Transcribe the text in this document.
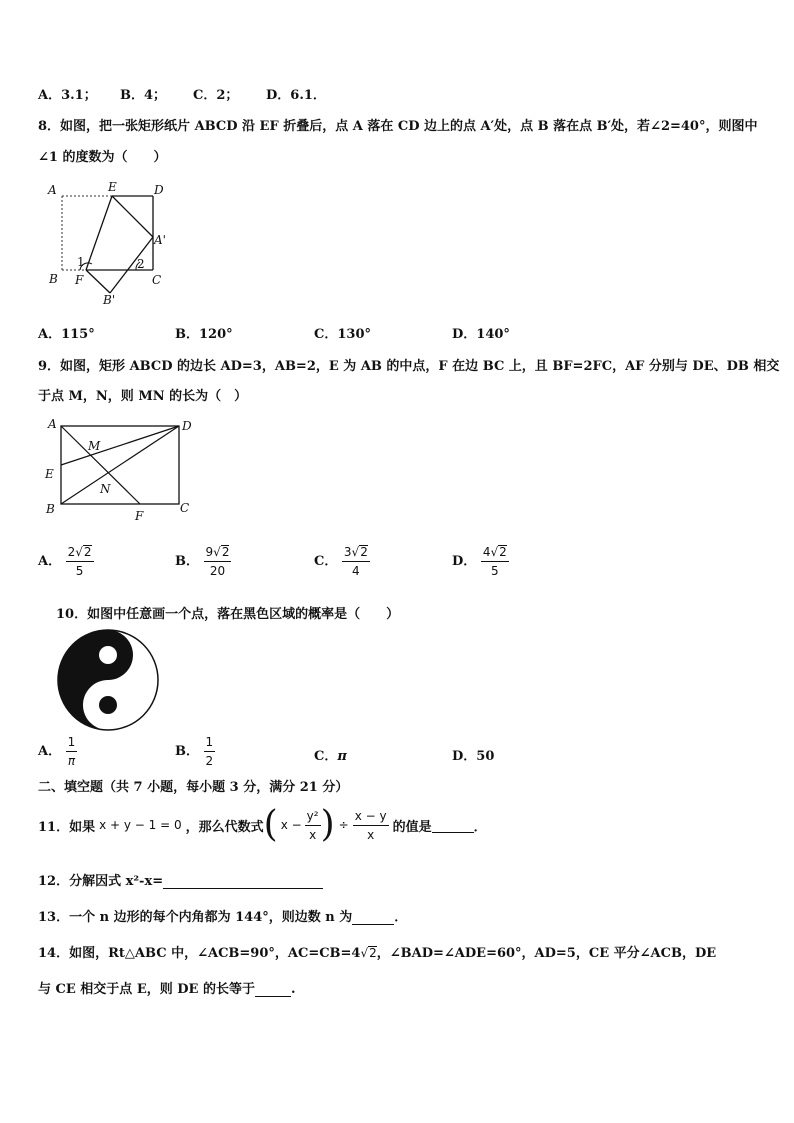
A．3.1； B．4； C．2； D．6.1．
8．如图，把一张矩形纸片 ABCD 沿 EF 折叠后，点 A 落在 CD 边上的点 A′处，点 B 落在点 B′处，若∠2=40°，则图中
∠1 的度数为（　　）
A	E	D
A'
B F	C
B'
1	2
A．115°	B．120°	C．130°	D．140°
9．如图，矩形 ABCD 的边长 AD=3，AB=2，E 为 AB 的中点，F 在边 BC 上，且 BF=2FC，AF 分别与 DE、DB 相交
于点 M，N，则 MN 的长为（　）
A	D
M
E
N
B	F
C
A． $\frac{2√2}{5}$	B． $\frac{9√2}{20}$	C． $\frac{3√2}{4}$	D． $\frac{4√2}{5}$
10．如图中任意画一个点，落在黑色区域的概率是（　　）
A． $\frac{1}{\pi}$	B． $\frac{1}{2}$	C．π	D．50
二、填空题（共 7 小题，每小题 3 分，满分 21 分）
11．如果 x + y − 1 = 0 ，那么代数式 ( $x - \frac{\text{y²}}{x}$ ) ÷ $\frac{x - y}{x}$ 的值是	．
12．分解因式 x²-x=
13．一个 n 边形的每个内角都为 144°，则边数 n 为	．
14．如图，Rt△ABC 中，∠ACB=90°，AC=CB=4√2，∠BAD=∠ADE=60°，AD=5，CE 平分∠ACB，DE
与 CE 相交于点 E，则 DE 的长等于	.
